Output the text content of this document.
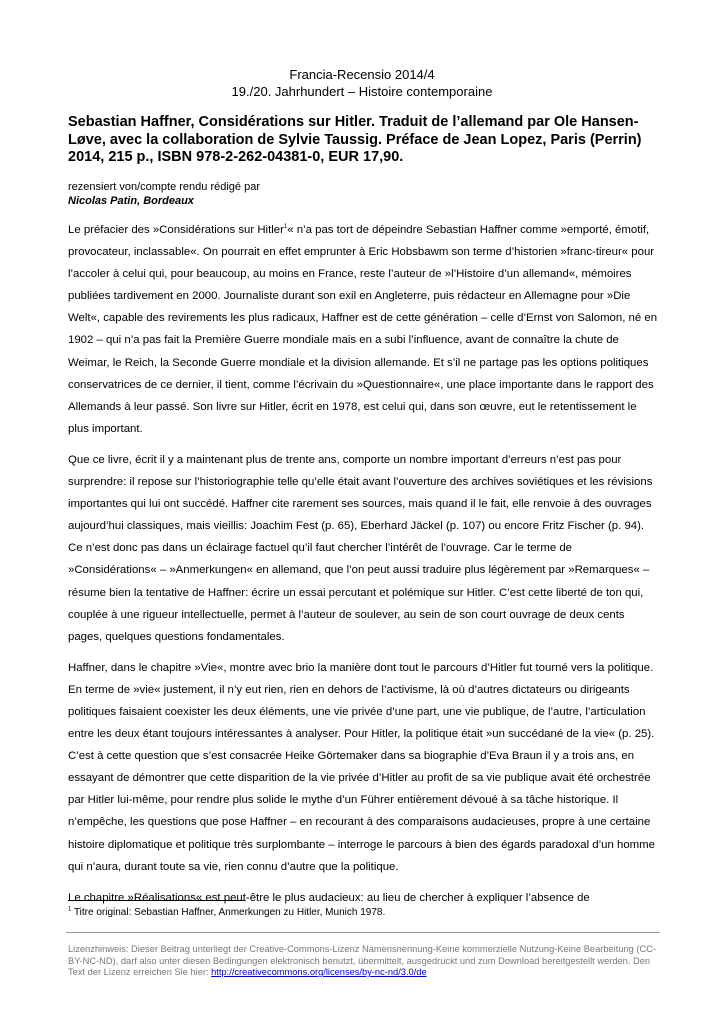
Francia-Recensio 2014/4
19./20. Jahrhundert – Histoire contemporaine
Sebastian Haffner, Considérations sur Hitler. Traduit de l’allemand par Ole Hansen-Løve, avec la collaboration de Sylvie Taussig. Préface de Jean Lopez, Paris (Perrin) 2014, 215 p., ISBN 978-2-262-04381-0, EUR 17,90.
rezensiert von/compte rendu rédigé par
Nicolas Patin, Bordeaux

Le préfacier des »Considérations sur Hitler$^1$« n’a pas tort de dépeindre Sebastian Haffner comme »emporté, émotif, provocateur, inclassable«. On pourrait en effet emprunter à Eric Hobsbawm son terme d’historien »franc-tireur« pour l’accoler à celui qui, pour beaucoup, au moins en France, reste l’auteur de »l’Histoire d’un allemand«, mémoires publiées tardivement en 2000. Journaliste durant son exil en Angleterre, puis rédacteur en Allemagne pour »Die Welt«, capable des revirements les plus radicaux, Haffner est de cette génération – celle d’Ernst von Salomon, né en 1902 – qui n’a pas fait la Première Guerre mondiale mais en a subi l’influence, avant de connaître la chute de Weimar, le Reich, la Seconde Guerre mondiale et la division allemande. Et s’il ne partage pas les options politiques conservatrices de ce dernier, il tient, comme l’écrivain du »Questionnaire«, une place importante dans le rapport des Allemands à leur passé. Son livre sur Hitler, écrit en 1978, est celui qui, dans son œuvre, eut le retentissement le plus important.

Que ce livre, écrit il y a maintenant plus de trente ans, comporte un nombre important d’erreurs n’est pas pour surprendre: il repose sur l’historiographie telle qu’elle était avant l’ouverture des archives soviétiques et les révisions importantes qui lui ont succédé. Haffner cite rarement ses sources, mais quand il le fait, elle renvoie à des ouvrages aujourd’hui classiques, mais vieillis: Joachim Fest (p. 65), Eberhard Jäckel (p. 107) ou encore Fritz Fischer (p. 94). Ce n’est donc pas dans un éclairage factuel qu’il faut chercher l’intérêt de l’ouvrage. Car le terme de »Considérations« – »Anmerkungen« en allemand, que l’on peut aussi traduire plus légèrement par »Remarques« – résume bien la tentative de Haffner: écrire un essai percutant et polémique sur Hitler. C’est cette liberté de ton qui, couplée à une rigueur intellectuelle, permet à l’auteur de soulever, au sein de son court ouvrage de deux cents pages, quelques questions fondamentales.

Haffner, dans le chapitre »Vie«, montre avec brio la manière dont tout le parcours d’Hitler fut tourné vers la politique. En terme de »vie« justement, il n’y eut rien, rien en dehors de l’activisme, là où d’autres dictateurs ou dirigeants politiques faisaient coexister les deux éléments, une vie privée d’une part, une vie publique, de l’autre, l’articulation entre les deux étant toujours intéressantes à analyser. Pour Hitler, la politique était »un succédané de la vie« (p. 25). C’est à cette question que s’est consacrée Heike Görtemaker dans sa biographie d’Eva Braun il y a trois ans, en essayant de démontrer que cette disparition de la vie privée d’Hitler au profit de sa vie publique avait été orchestrée par Hitler lui-même, pour rendre plus solide le mythe d’un Führer entièrement dévoué à sa tâche historique. Il n’empêche, les questions que pose Haffner – en recourant à des comparaisons audacieuses, propre à une certaine histoire diplomatique et politique très surplombante – interroge le parcours à bien des égards paradoxal d’un homme qui n’aura, durant toute sa vie, rien connu d’autre que la politique.

Le chapitre »Réalisations« est peut-être le plus audacieux: au lieu de chercher à expliquer l’absence de

$^1$ Titre original: Sebastian Haffner, Anmerkungen zu Hitler, Munich 1978.
Lizenzhinweis: Dieser Beitrag unterliegt der Creative-Commons-Lizenz Namensnennung-Keine kommerzielle Nutzung-Keine Bearbeitung (CC-BY-NC-ND), darf also unter diesen Bedingungen elektronisch benutzt, übermittelt, ausgedruckt und zum Download bereitgestellt werden. Den Text der Lizenz erreichen Sie hier: http://creativecommons.org/licenses/by-nc-nd/3.0/de
